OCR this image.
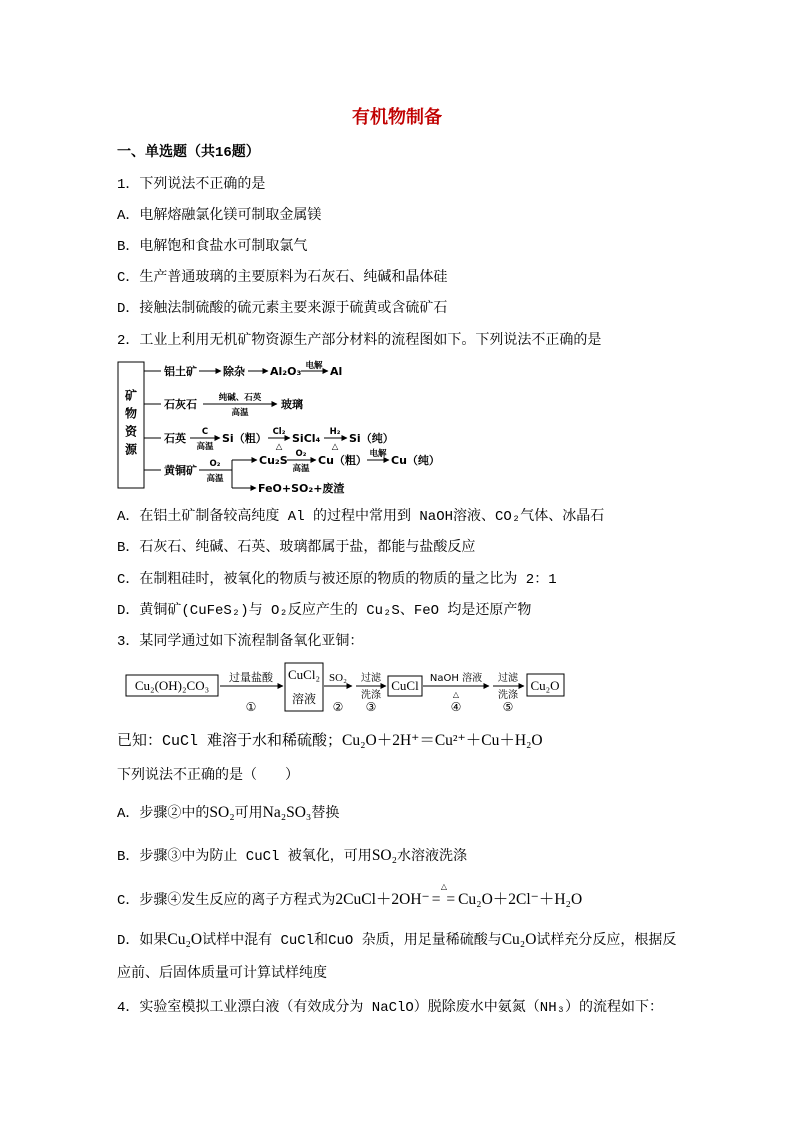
有机物制备
一、单选题（共16题）
1．下列说法不正确的是
A．电解熔融氯化镁可制取金属镁
B．电解饱和食盐水可制取氯气
C．生产普通玻璃的主要原料为石灰石、纯碱和晶体硅
D．接触法制硫酸的硫元素主要来源于硫黄或含硫矿石
2．工业上利用无机矿物资源生产部分材料的流程图如下。下列说法不正确的是
铝土矿 除杂 Al₂O₃ 电解 Al
石灰石	纯碱、石英
高温
玻璃
石英 C
高温
Si（粗） Cl₂
△
SiCl₄ H₂
△
Si（纯）
黄铜矿 O₂
高温
Cu₂S O₂
高温
Cu（粗） 电解 Cu（纯）
FeO+SO₂+废渣
矿物资源
A．在铝土矿制备较高纯度 Al 的过程中常用到 NaOH溶液、CO₂气体、冰晶石
B．石灰石、纯碱、石英、玻璃都属于盐，都能与盐酸反应
C．在制粗硅时，被氧化的物质与被还原的物质的物质的量之比为 2：1
D．黄铜矿(CuFeS₂)与 O₂反应产生的 Cu₂S、FeO 均是还原产物
3．某同学通过如下流程制备氧化亚铜：
Cu₂(OH)₂CO₃
过量盐酸
①
CuCl₂
溶液
SO₂
②
过滤
洗涤
③
CuCl NaOH 溶液
△
④
过滤
洗涤
⑤
Cu₂O
已知：CuCl 难溶于水和稀硫酸；Cu₂O＋2H⁺＝Cu²⁺＋Cu＋H₂O
下列说法不正确的是（　　）
A．步骤②中的SO₂可用Na₂SO₃替换
B．步骤③中为防止 CuCl 被氧化，可用SO₂水溶液洗涤
C．步骤④发生反应的离子方程式为2CuCl＋2OH⁻
△
= = Cu₂O＋2Cl⁻＋H₂O
D．如果Cu₂O试样中混有 CuCl和CuO 杂质，用足量稀硫酸与Cu₂O试样充分反应，根据反
应前、后固体质量可计算试样纯度
4．实验室模拟工业漂白液（有效成分为 NaClO）脱除废水中氨氮（NH₃）的流程如下：
